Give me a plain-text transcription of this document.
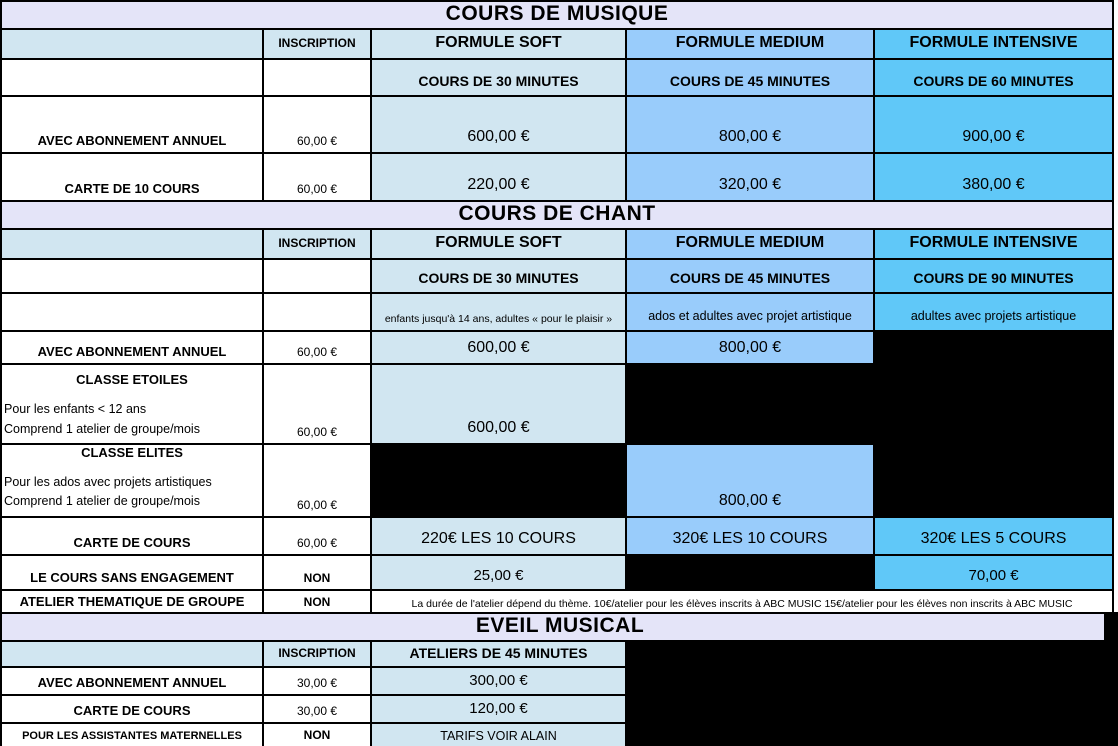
COURS DE MUSIQUE				
	INSCRIPTION	FORMULE SOFT	FORMULE MEDIUM	FORMULE INTENSIVE
		COURS DE 30 MINUTES	COURS DE 45 MINUTES	COURS DE 60 MINUTES
AVEC ABONNEMENT ANNUEL	60,00 €	600,00 €	800,00 €	900,00 €
CARTE DE 10 COURS	60,00 €	220,00 €	320,00 €	380,00 €
COURS DE CHANT				
	INSCRIPTION	FORMULE SOFT	FORMULE MEDIUM	FORMULE INTENSIVE
		COURS DE 30 MINUTES	COURS DE 45 MINUTES	COURS DE 90 MINUTES
		enfants jusqu'à 14 ans, adultes « pour le plaisir »	ados et adultes avec projet artistique	adultes avec projets artistique
AVEC ABONNEMENT ANNUEL	60,00 €	600,00 €	800,00 €	

CLASSE ETOILES
Pour les enfants < 12 ans
Comprend 1 atelier de groupe/mois	60,00 €	600,00 €		

CLASSE ELITES
Pour les ados avec projets artistiques
Comprend 1 atelier de groupe/mois	60,00 €		800,00 €	
CARTE DE COURS	60,00 €	220€ LES 10 COURS	320€ LES 10 COURS	320€ LES 5 COURS
LE COURS SANS ENGAGEMENT	NON	25,00 €		70,00 €
ATELIER THEMATIQUE DE GROUPE	NON	La durée de l'atelier dépend du thème. 10€/atelier pour les élèves inscrits à ABC MUSIC 15€/atelier pour les élèves non inscrits à ABC MUSIC		
EVEIL MUSICAL			
	INSCRIPTION	ATELIERS DE 45 MINUTES	
AVEC ABONNEMENT ANNUEL	30,00 €	300,00 €	
CARTE DE COURS	30,00 €	120,00 €	
POUR LES ASSISTANTES MATERNELLES	NON	TARIFS VOIR ALAIN	
